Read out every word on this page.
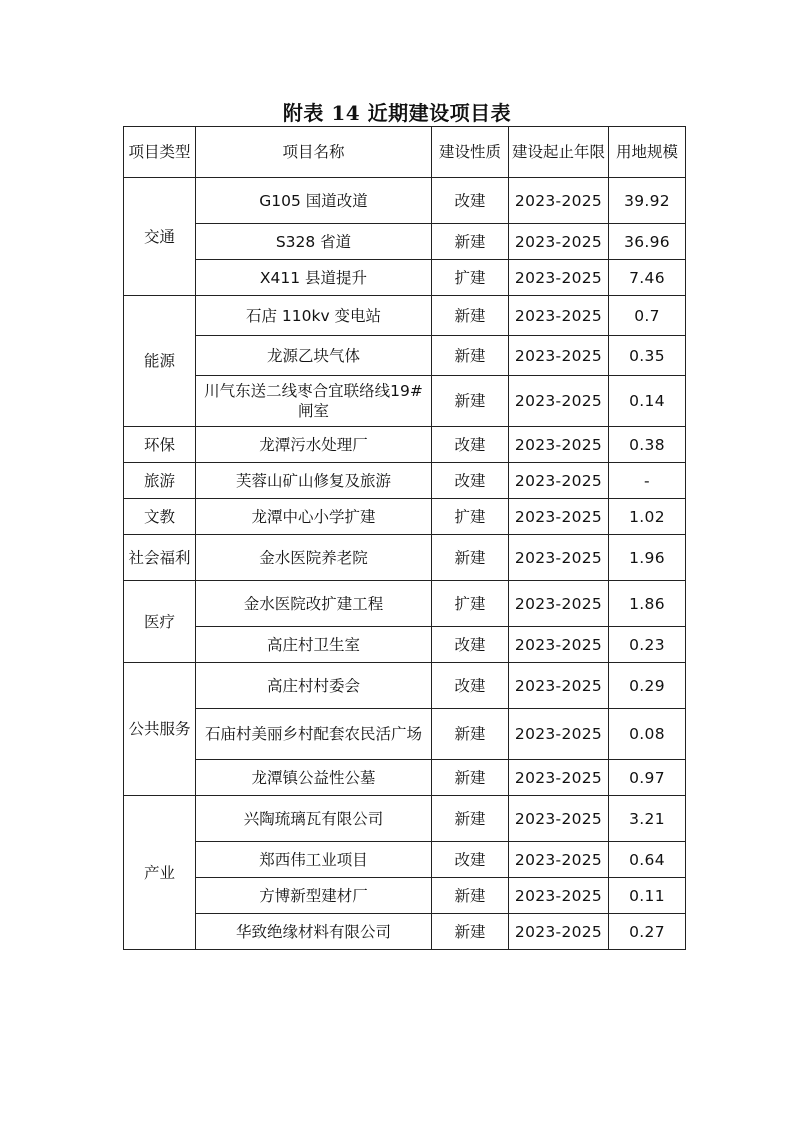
附表 14 近期建设项目表
项目类型	项目名称	建设性质	建设起止年限	用地规模
交通	G105 国道改道	改建	2023-2025	39.92
	S328 省道	新建	2023-2025	36.96
	X411 县道提升	扩建	2023-2025	7.46
能源	石店 110kv 变电站	新建	2023-2025	0.7
	龙源乙块气体	新建	2023-2025	0.35
	川气东送二线枣合宜联络线19#闸室	新建	2023-2025	0.14
环保	龙潭污水处理厂	改建	2023-2025	0.38
旅游	芙蓉山矿山修复及旅游	改建	2023-2025	-
文教	龙潭中心小学扩建	扩建	2023-2025	1.02
社会福利	金水医院养老院	新建	2023-2025	1.96
医疗	金水医院改扩建工程	扩建	2023-2025	1.86
	高庄村卫生室	改建	2023-2025	0.23
公共服务	高庄村村委会	改建	2023-2025	0.29
	石庙村美丽乡村配套农民活广场	新建	2023-2025	0.08
	龙潭镇公益性公墓	新建	2023-2025	0.97
产业	兴陶琉璃瓦有限公司	新建	2023-2025	3.21
	郑西伟工业项目	改建	2023-2025	0.64
	方博新型建材厂	新建	2023-2025	0.11
	华致绝缘材料有限公司	新建	2023-2025	0.27
